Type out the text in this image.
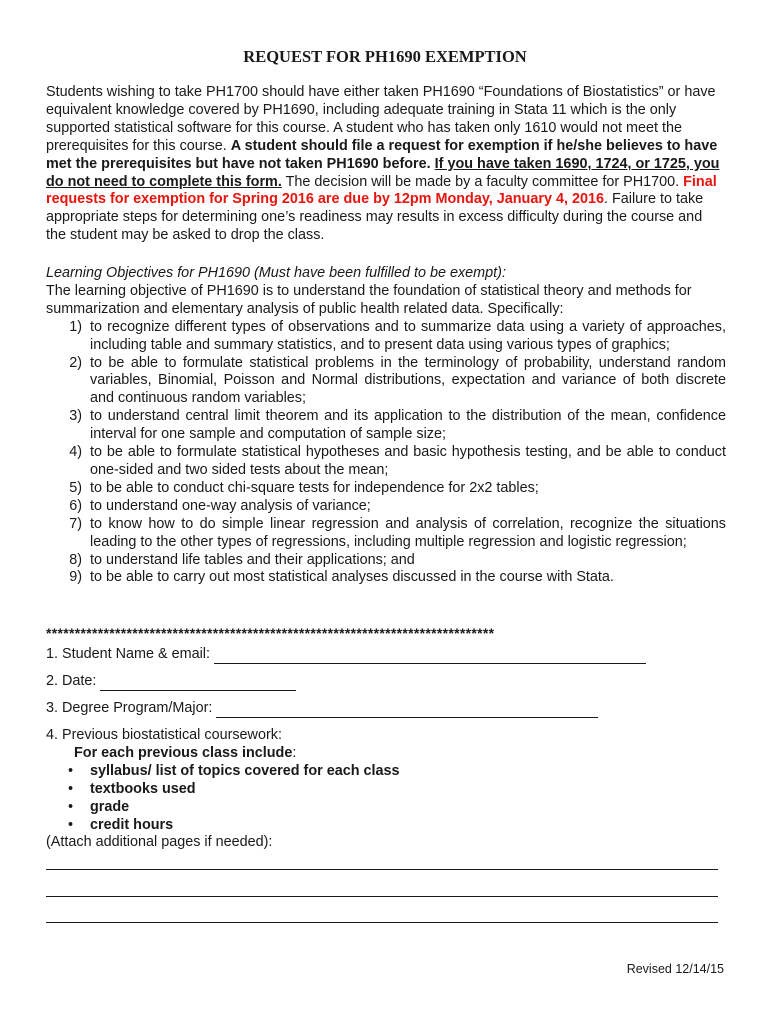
REQUEST FOR PH1690 EXEMPTION
Students wishing to take PH1700 should have either taken PH1690 “Foundations of Biostatistics” or have equivalent knowledge covered by PH1690, including adequate training in Stata 11 which is the only supported statistical software for this course. A student who has taken only 1610 would not meet the prerequisites for this course. A student should file a request for exemption if he/she believes to have met the prerequisites but have not taken PH1690 before. If you have taken 1690, 1724, or 1725, you do not need to complete this form. The decision will be made by a faculty committee for PH1700. Final requests for exemption for Spring 2016 are due by 12pm Monday, January 4, 2016. Failure to take appropriate steps for determining one’s readiness may results in excess difficulty during the course and the student may be asked to drop the class.
Learning Objectives for PH1690 (Must have been fulfilled to be exempt):
The learning objective of PH1690 is to understand the foundation of statistical theory and methods for summarization and elementary analysis of public health related data. Specifically:
1) to recognize different types of observations and to summarize data using a variety of approaches, including table and summary statistics, and to present data using various types of graphics;
2) to be able to formulate statistical problems in the terminology of probability, understand random variables, Binomial, Poisson and Normal distributions, expectation and variance of both discrete and continuous random variables;
3) to understand central limit theorem and its application to the distribution of the mean, confidence interval for one sample and computation of sample size;
4) to be able to formulate statistical hypotheses and basic hypothesis testing, and be able to conduct one-sided and two sided tests about the mean;
5) to be able to conduct chi-square tests for independence for 2x2 tables;
6) to understand one-way analysis of variance;
7) to know how to do simple linear regression and analysis of correlation, recognize the situations leading to the other types of regressions, including multiple regression and logistic regression;
8) to understand life tables and their applications; and
9) to be able to carry out most statistical analyses discussed in the course with Stata.
******************************************************************************
1. Student Name & email:
2. Date:
3. Degree Program/Major:
4. Previous biostatistical coursework:
For each previous class include:
•	syllabus/ list of topics covered for each class
•	textbooks used
•	grade
•	credit hours
(Attach additional pages if needed):
Revised 12/14/15
